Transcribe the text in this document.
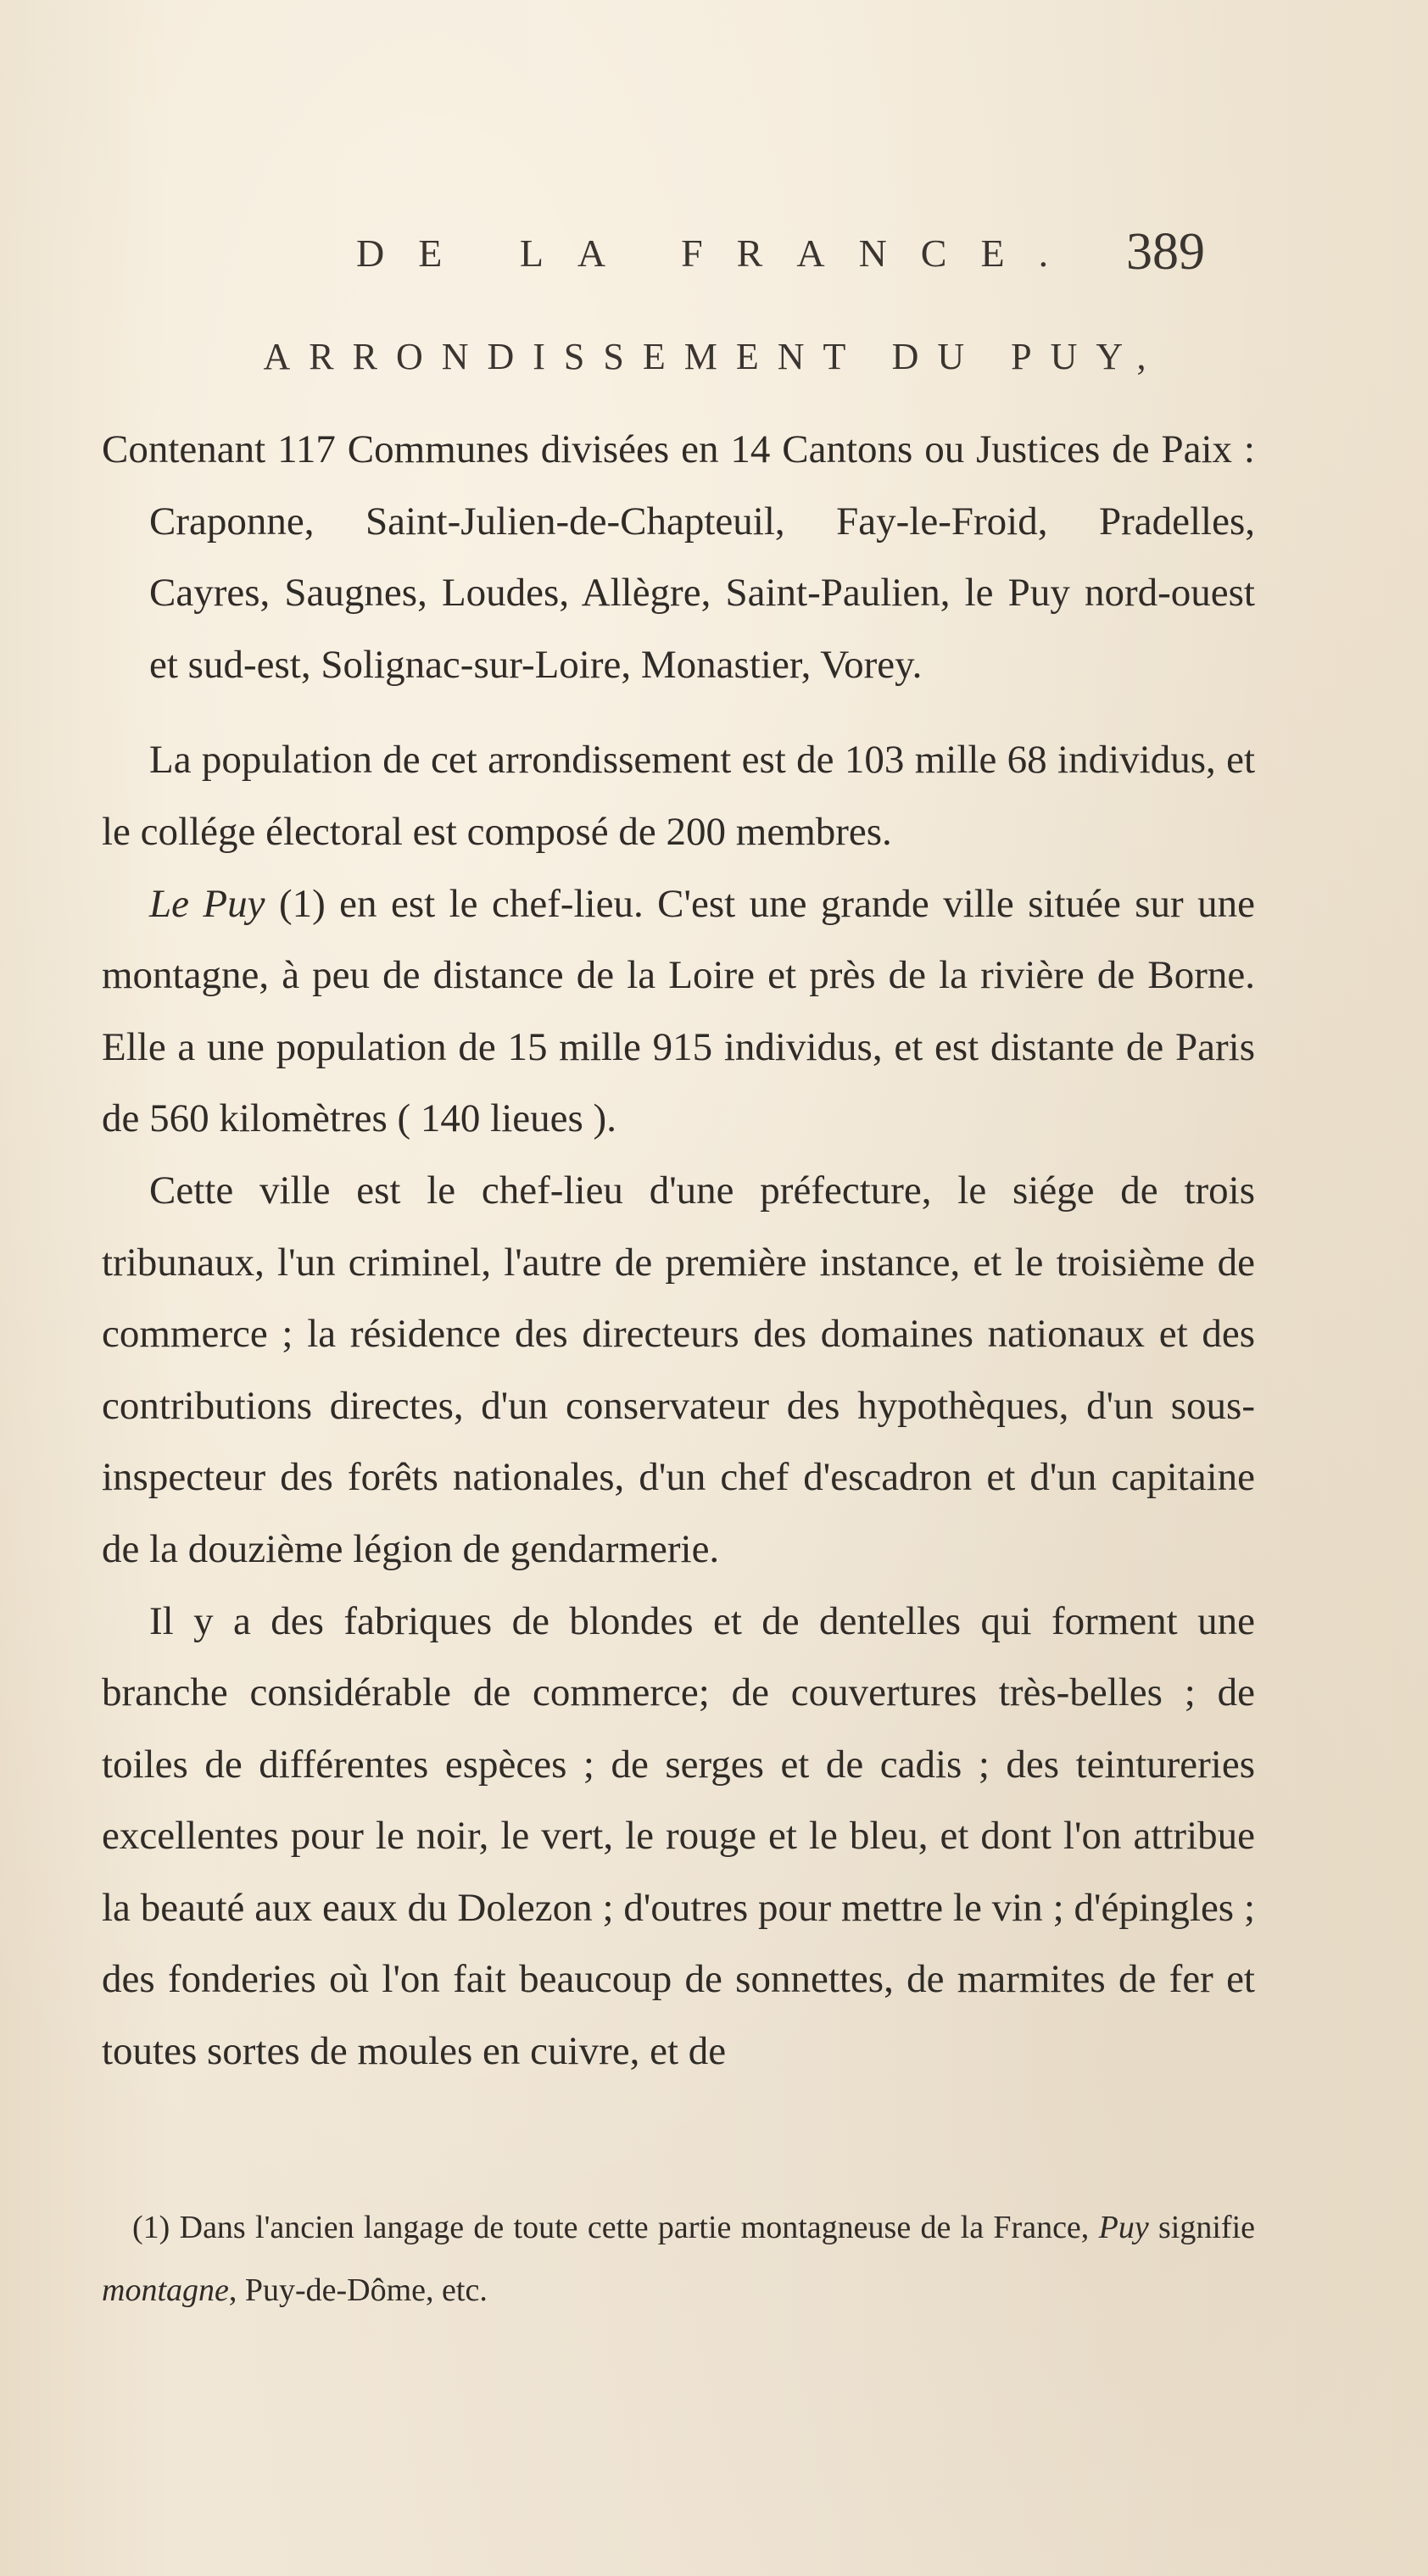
DE LA FRANCE. 389
ARRONDISSEMENT DU PUY,

Contenant 117 Communes divisées en 14 Cantons ou Justices de Paix : Craponne, Saint-Julien-de-Chapteuil, Fay-le-Froid, Pradelles, Cayres, Saugnes, Loudes, Allègre, Saint-Paulien, le Puy nord-ouest et sud-est, Solignac-sur-Loire, Monastier, Vorey.

La population de cet arrondissement est de 103 mille 68 individus, et le collége électoral est composé de 200 membres.

Le Puy (1) en est le chef-lieu. C'est une grande ville située sur une montagne, à peu de distance de la Loire et près de la rivière de Borne. Elle a une population de 15 mille 915 individus, et est distante de Paris de 560 kilomètres ( 140 lieues ).

Cette ville est le chef-lieu d'une préfecture, le siége de trois tribunaux, l'un criminel, l'autre de première instance, et le troisième de commerce ; la résidence des directeurs des domaines nationaux et des contributions directes, d'un conservateur des hypothèques, d'un sous-inspecteur des forêts nationales, d'un chef d'escadron et d'un capitaine de la douzième légion de gendarmerie.

Il y a des fabriques de blondes et de dentelles qui forment une branche considérable de commerce; de couvertures très-belles ; de toiles de différentes espèces ; de serges et de cadis ; des teintureries excellentes pour le noir, le vert, le rouge et le bleu, et dont l'on attribue la beauté aux eaux du Dolezon ; d'outres pour mettre le vin ; d'épingles ; des fonderies où l'on fait beaucoup de sonnettes, de marmites de fer et toutes sortes de moules en cuivre, et de

(1) Dans l'ancien langage de toute cette partie montagneuse de la France, Puy signifie montagne, Puy-de-Dôme, etc.
